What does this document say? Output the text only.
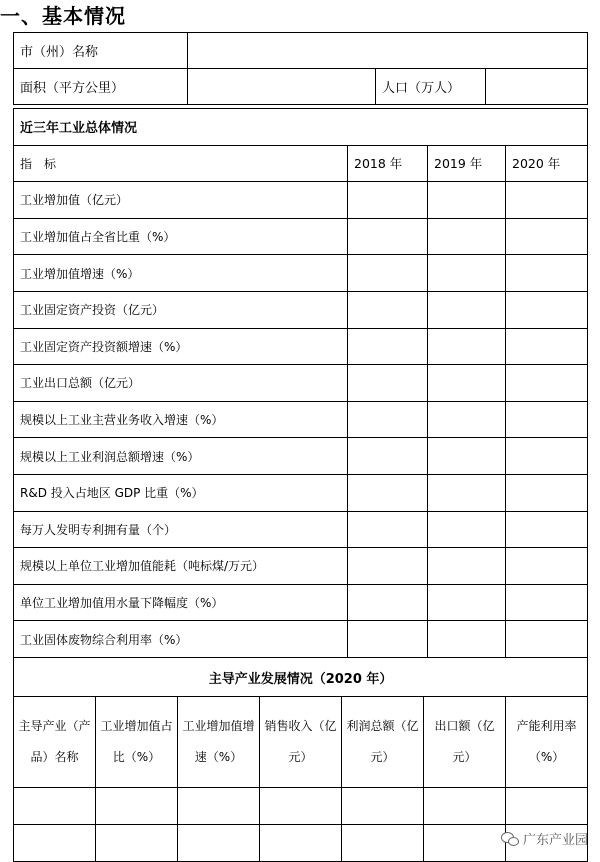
一、基本情况
市（州）名称			
面积（平方公里）		人口（万人）	
近三年工业总体情况			
指　标	2018 年	2019 年	2020 年
工业增加值（亿元）			
工业增加值占全省比重（%）			
工业增加值增速（%）			
工业固定资产投资（亿元）			
工业固定资产投资额增速（%）			
工业出口总额（亿元）			
规模以上工业主营业务收入增速（%）			
规模以上工业利润总额增速（%）			
R&D 投入占地区 GDP 比重（%）			
每万人发明专利拥有量（个）			
规模以上单位工业增加值能耗（吨标煤/万元）			
单位工业增加值用水量下降幅度（%）			
工业固体废物综合利用率（%）			
主导产业发展情况（2020 年）						

主导产业（产品）名称	工业增加值占比（%）	工业增加值增速（%）	销售收入（亿元）	利润总额（亿元）	出口额（亿元）	产能利用率（%）

广东产业园
